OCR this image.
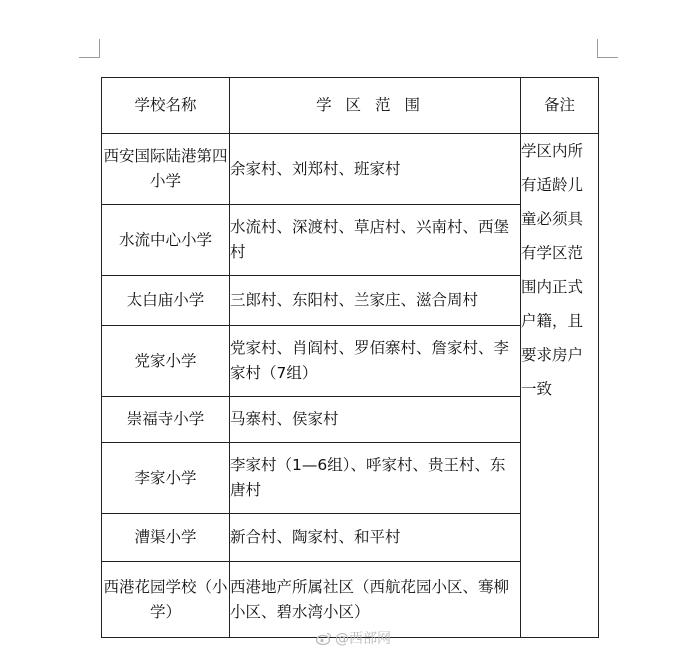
学校名称	学区范围	备注
西安国际陆港第四小学	余家村、刘郑村、班家村	学区内所有适龄儿童必须具有学区范围内正式户籍，且要求房户一致

水流中心小学	水流村、深渡村、草店村、兴南村、西堡村	
太白庙小学	三郎村、东阳村、兰家庄、滋合周村	
党家小学	党家村、肖阎村、罗佰寨村、詹家村、李家村（7组）	
崇福寺小学	马寨村、侯家村	
李家小学	李家村（1—6组）、呼家村、贵王村、东唐村	
漕渠小学	新合村、陶家村、和平村	
西港花园学校（小学）	西港地产所属社区（西航花园小区、骞柳小区、碧水湾小区）	
@西部网
